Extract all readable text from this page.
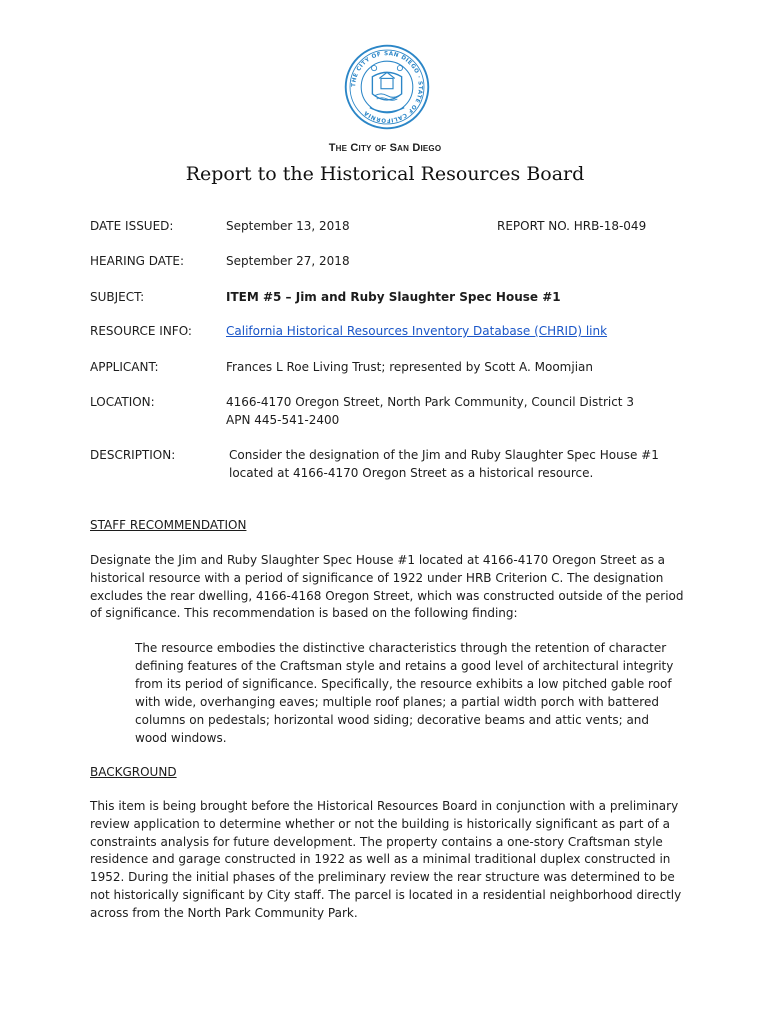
THE CITY OF SAN DIEGO · STATE OF CALIFORNIA
The City of San Diego
Report to the Historical Resources Board
DATE ISSUED:	September 13, 2018	REPORT NO. HRB-18-049
HEARING DATE:	September 27, 2018
SUBJECT:	ITEM #5 – Jim and Ruby Slaughter Spec House #1
RESOURCE INFO:	California Historical Resources Inventory Database (CHRID) link
APPLICANT:	Frances L Roe Living Trust; represented by Scott A. Moomjian
LOCATION:	4166-4170 Oregon Street, North Park Community, Council District 3
APN 445-541-2400
DESCRIPTION:	Consider the designation of the Jim and Ruby Slaughter Spec House #1 located at 4166-4170 Oregon Street as a historical resource.
STAFF RECOMMENDATION
Designate the Jim and Ruby Slaughter Spec House #1 located at 4166-4170 Oregon Street as a historical resource with a period of significance of 1922 under HRB Criterion C. The designation excludes the rear dwelling, 4166-4168 Oregon Street, which was constructed outside of the period of significance. This recommendation is based on the following finding:
The resource embodies the distinctive characteristics through the retention of character defining features of the Craftsman style and retains a good level of architectural integrity from its period of significance. Specifically, the resource exhibits a low pitched gable roof with wide, overhanging eaves; multiple roof planes; a partial width porch with battered columns on pedestals; horizontal wood siding; decorative beams and attic vents; and wood windows.
BACKGROUND
This item is being brought before the Historical Resources Board in conjunction with a preliminary review application to determine whether or not the building is historically significant as part of a constraints analysis for future development. The property contains a one-story Craftsman style residence and garage constructed in 1922 as well as a minimal traditional duplex constructed in 1952. During the initial phases of the preliminary review the rear structure was determined to be not historically significant by City staff. The parcel is located in a residential neighborhood directly across from the North Park Community Park.
